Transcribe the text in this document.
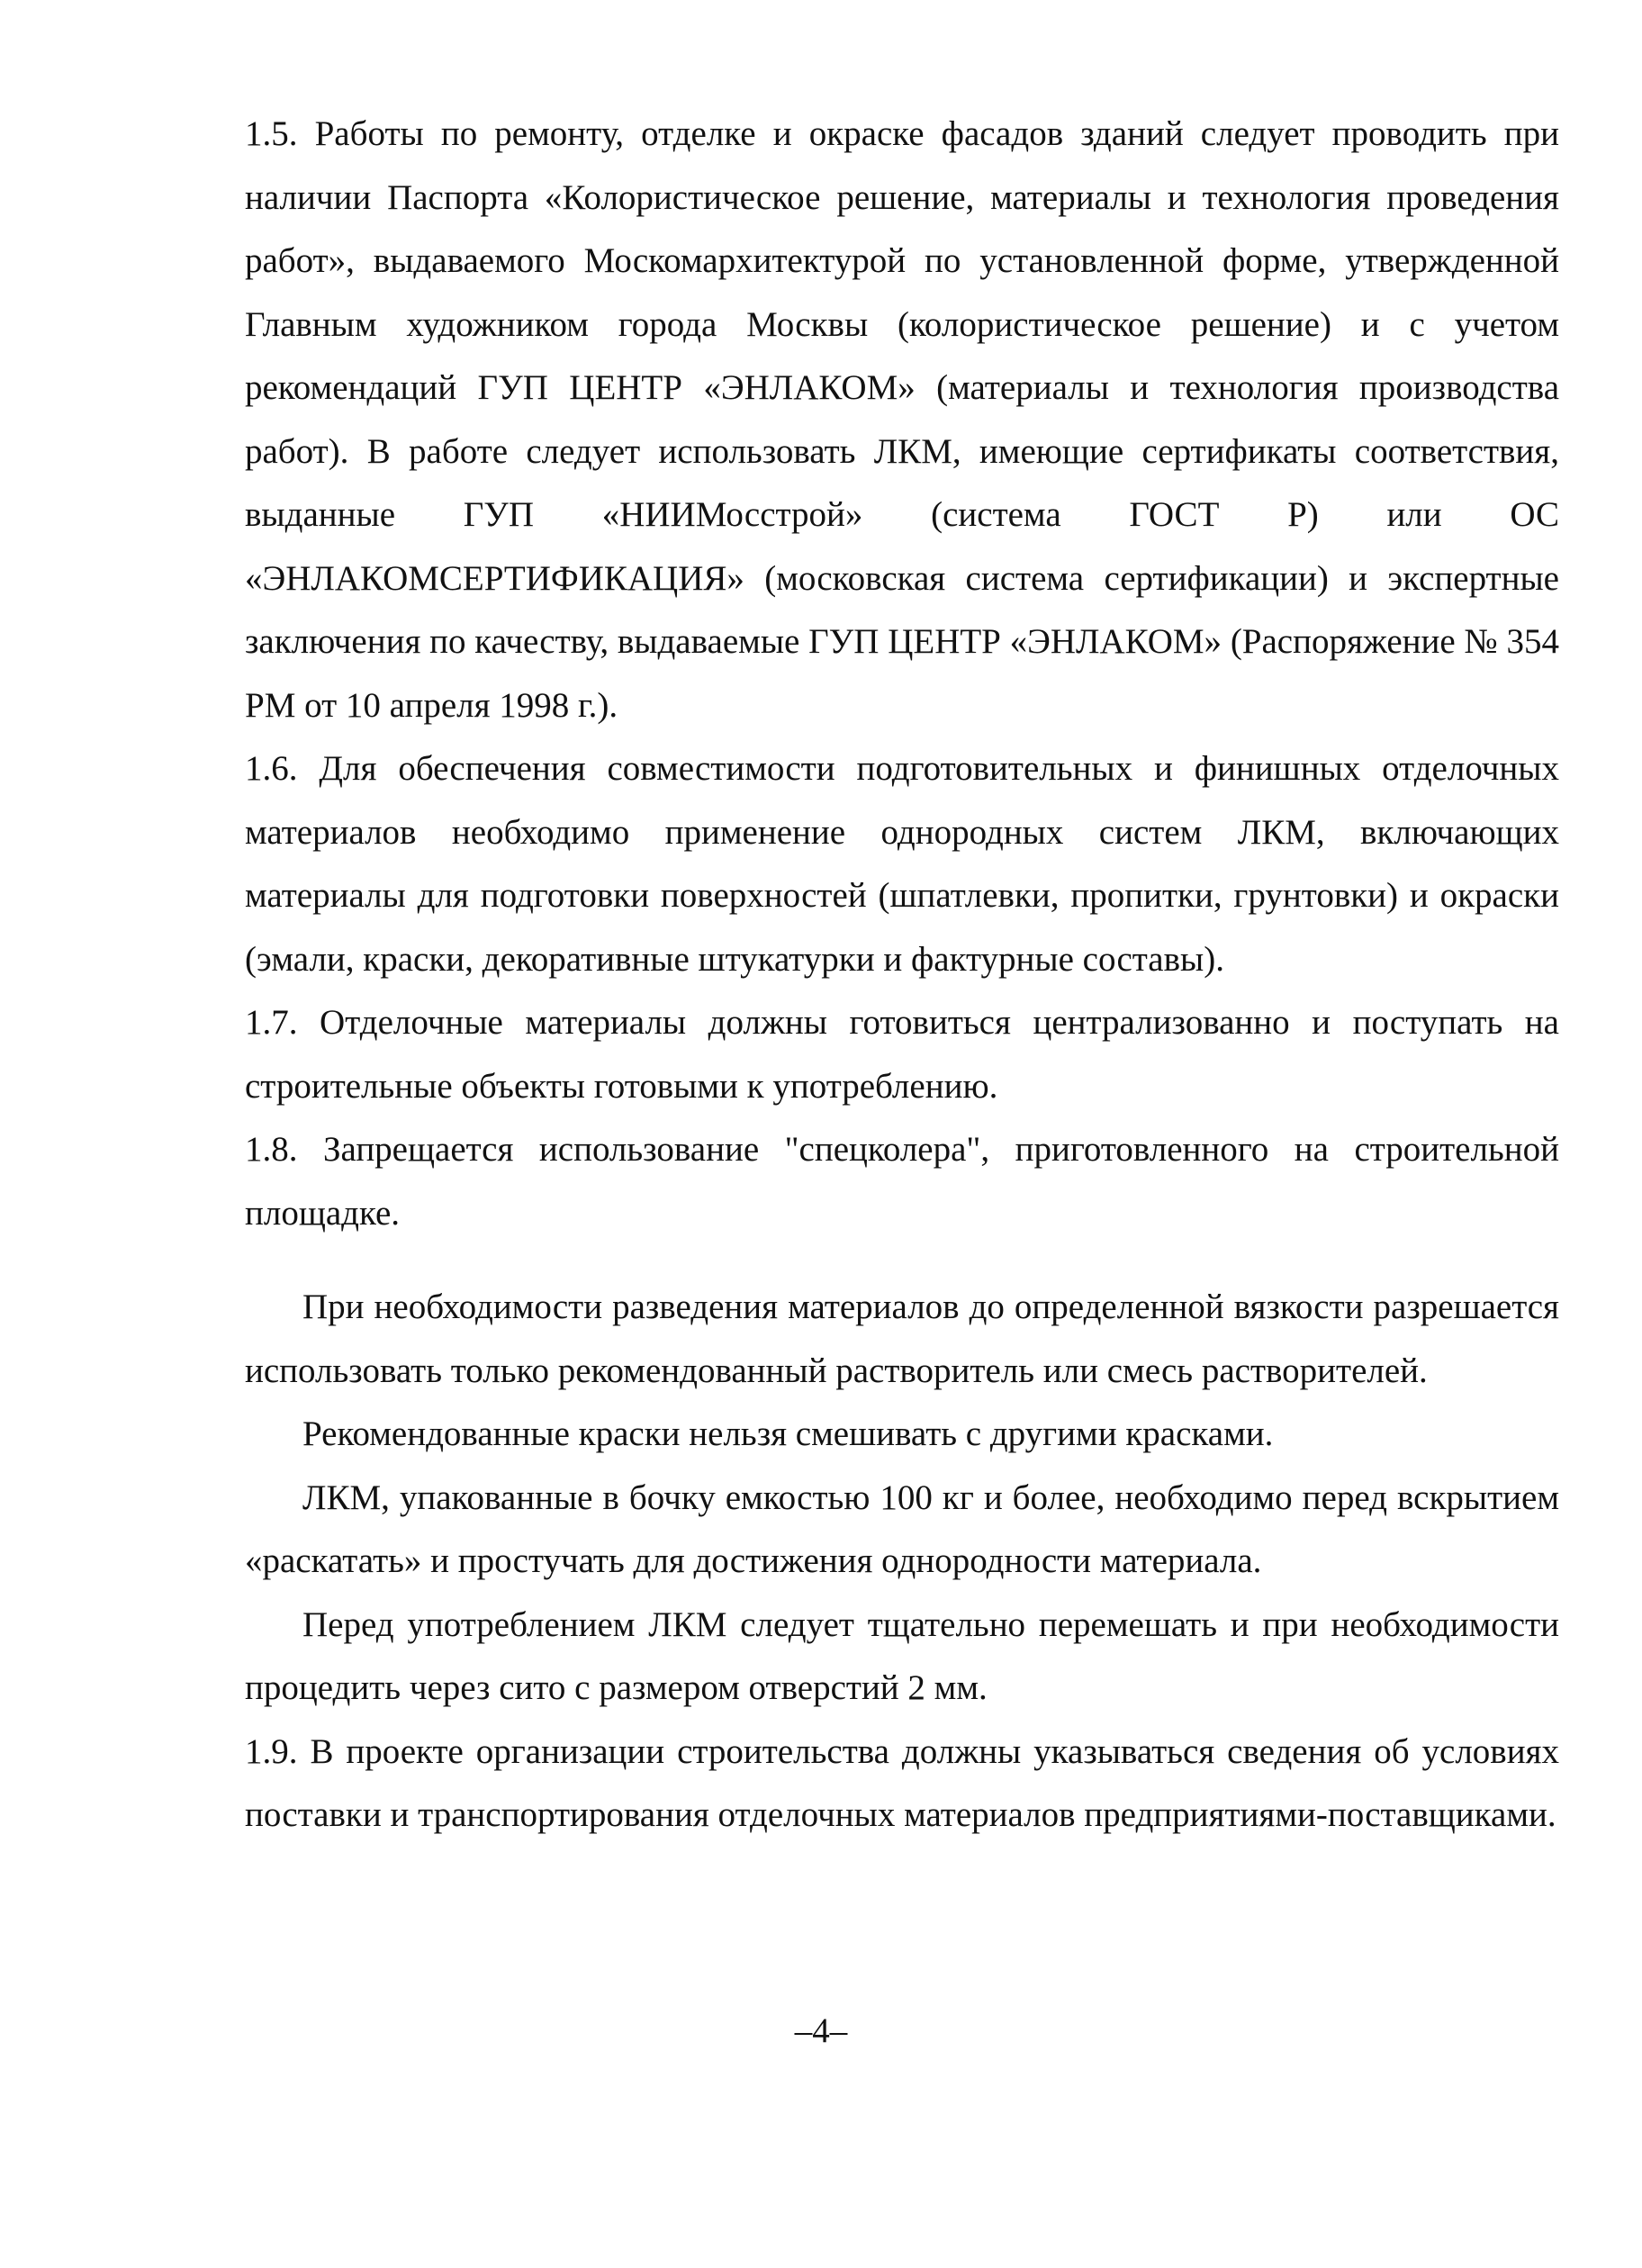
1.5. Работы по ремонту, отделке и окраске фасадов зданий следует проводить при наличии Паспорта «Колористическое решение, материалы и технология проведения работ», выдаваемого Москомархитектурой по установленной форме, утвержденной Главным художником города Москвы (колористическое решение) и с учетом рекомендаций ГУП ЦЕНТР «ЭНЛАКОМ» (материалы и технология производства работ). В работе следует использовать ЛКМ, имеющие сертификаты соответствия, выданные ГУП «НИИМосстрой» (система ГОСТ Р) или ОС «ЭНЛАКОМСЕРТИФИКАЦИЯ» (московская система сертификации) и экспертные заключения по качеству, выдаваемые ГУП ЦЕНТР «ЭНЛАКОМ» (Распоряжение № 354 РМ от 10 апреля 1998 г.).

1.6. Для обеспечения совместимости подготовительных и финишных отделочных материалов необходимо применение однородных систем ЛКМ, включающих материалы для подготовки поверхностей (шпатлевки, пропитки, грунтовки) и окраски (эмали, краски, декоративные штукатурки и фактурные составы).

1.7. Отделочные материалы должны готовиться централизованно и поступать на строительные объекты готовыми к употреблению.

1.8. Запрещается использование "спецколера", приготовленного на строительной площадке.

При необходимости разведения материалов до определенной вязкости разрешается использовать только рекомендованный растворитель или смесь растворителей.

Рекомендованные краски нельзя смешивать с другими красками.

ЛКМ, упакованные в бочку емкостью 100 кг и более, необходимо перед вскрытием «раскатать» и простучать для достижения однородности материала.

Перед употреблением ЛКМ следует тщательно перемешать и при необходимости процедить через сито с размером отверстий 2 мм.

1.9. В проекте организации строительства должны указываться сведения об условиях поставки и транспортирования отделочных материалов предприятиями-поставщиками.

–4–
